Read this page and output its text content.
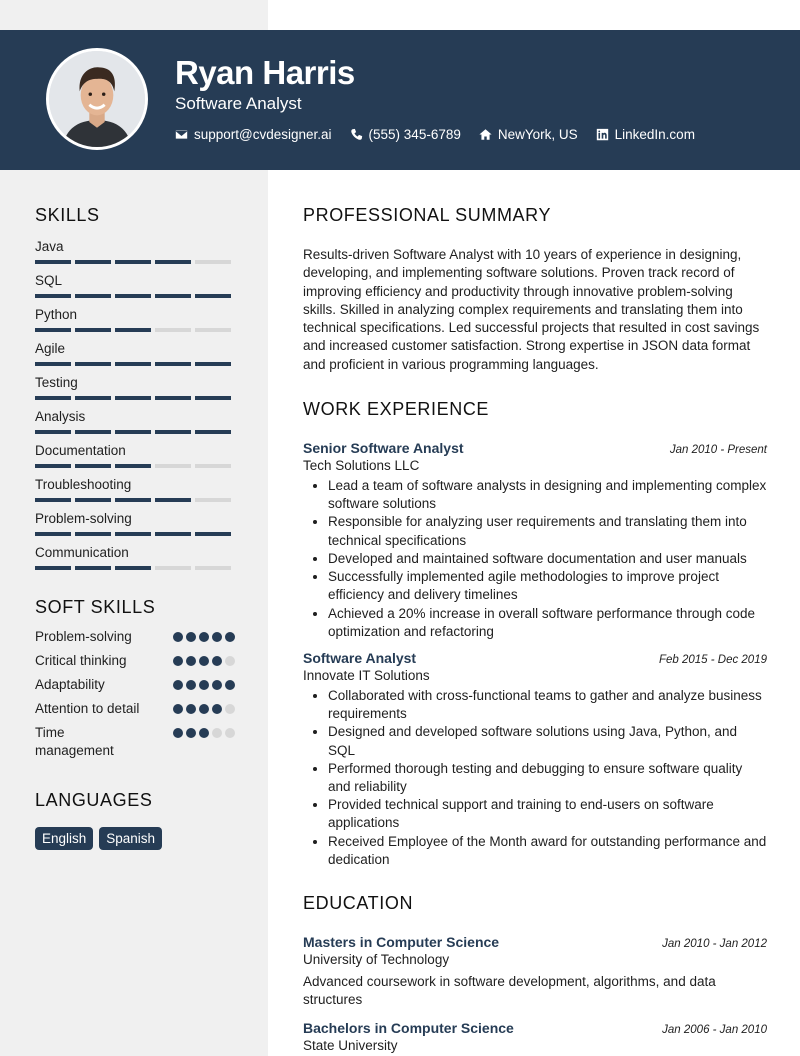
Ryan Harris
Software Analyst
support@cvdesigner.ai	(555) 345-6789	NewYork, US	LinkedIn.com
SKILLS
Java
SQL
Python
Agile
Testing
Analysis
Documentation
Troubleshooting
Problem-solving
Communication
SOFT SKILLS
Problem-solving
Critical thinking
Adaptability
Attention to detail
Time management
LANGUAGES
English	Spanish
PROFESSIONAL SUMMARY

Results-driven Software Analyst with 10 years of experience in designing, developing, and implementing software solutions. Proven track record of improving efficiency and productivity through innovative problem-solving skills. Skilled in analyzing complex requirements and translating them into technical specifications. Led successful projects that resulted in cost savings and increased customer satisfaction. Strong expertise in JSON data format and proficient in various programming languages.

WORK EXPERIENCE
Senior Software Analyst	Jan 2010 - Present
Tech Solutions LLC
• Lead a team of software analysts in designing and implementing complex software solutions
• Responsible for analyzing user requirements and translating them into technical specifications
• Developed and maintained software documentation and user manuals
• Successfully implemented agile methodologies to improve project efficiency and delivery timelines
• Achieved a 20% increase in overall software performance through code optimization and refactoring
Software Analyst	Feb 2015 - Dec 2019
Innovate IT Solutions
• Collaborated with cross-functional teams to gather and analyze business requirements
• Designed and developed software solutions using Java, Python, and SQL
• Performed thorough testing and debugging to ensure software quality and reliability
• Provided technical support and training to end-users on software applications
• Received Employee of the Month award for outstanding performance and dedication
EDUCATION
Masters in Computer Science	Jan 2010 - Jan 2012
University of Technology

Advanced coursework in software development, algorithms, and data structures

Bachelors in Computer Science	Jan 2006 - Jan 2010
State University
